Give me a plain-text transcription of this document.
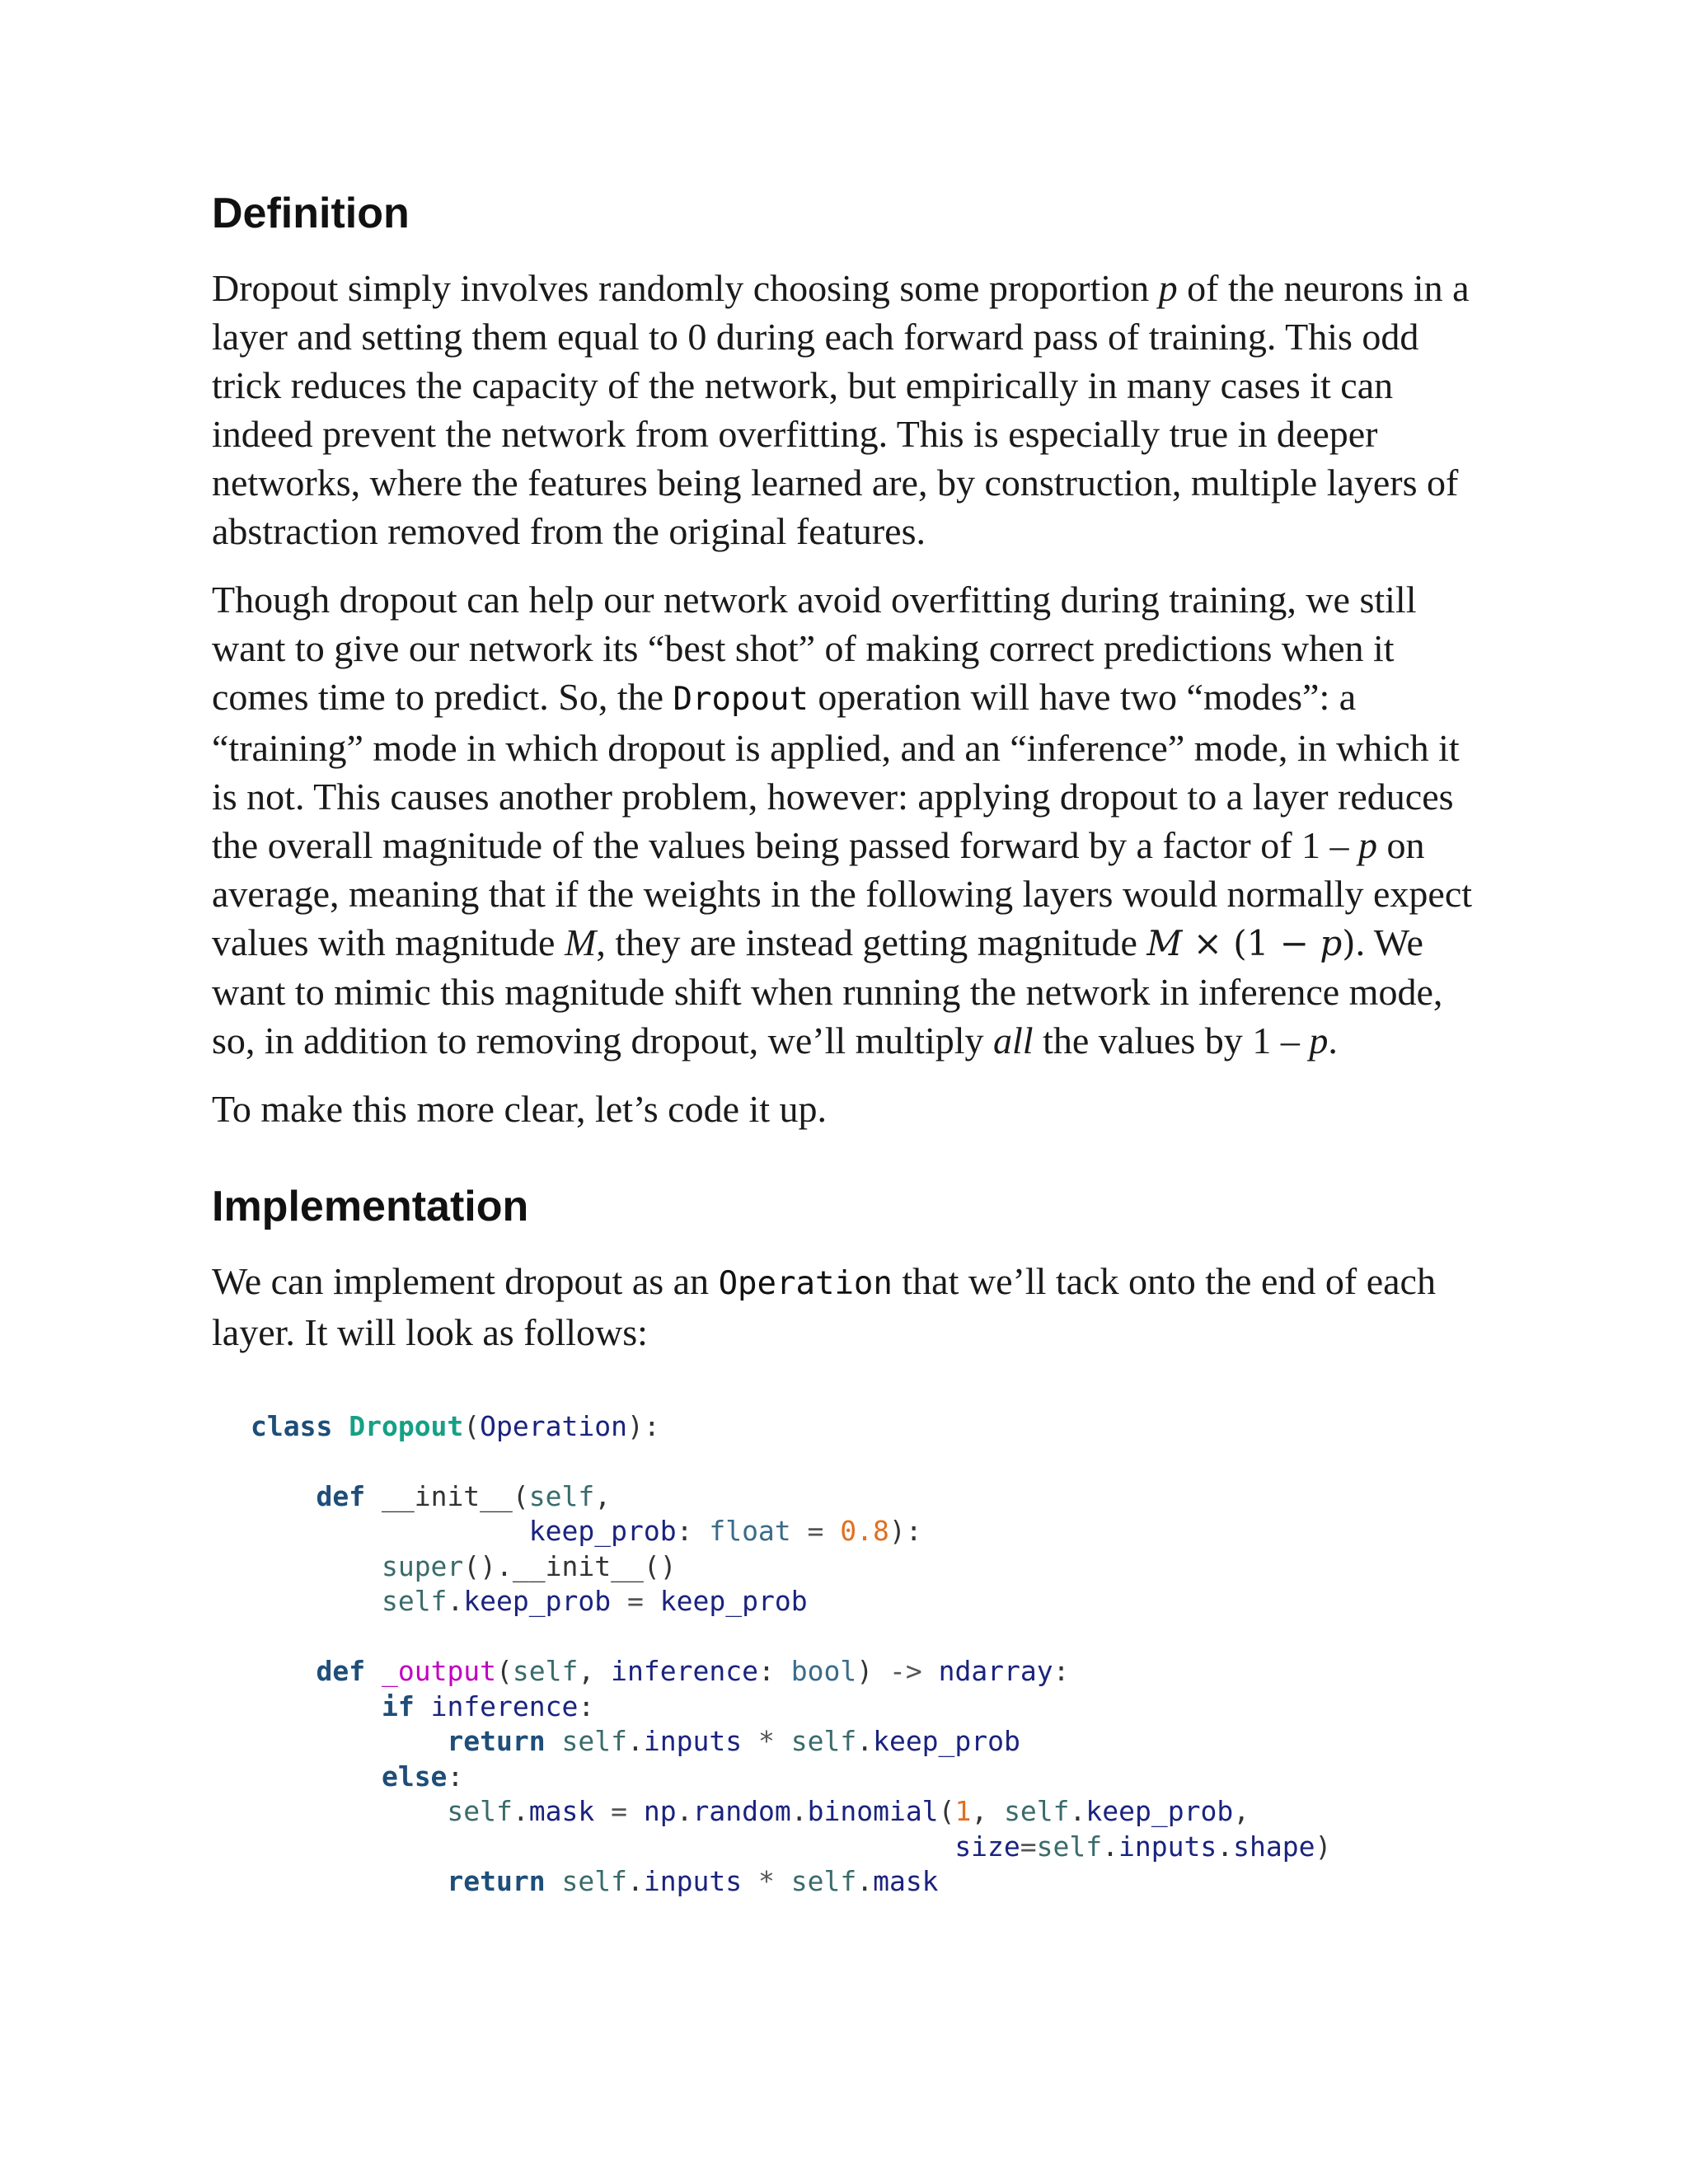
Definition

Dropout simply involves randomly choosing some proportion p of the neurons in a layer and setting them equal to 0 during each forward pass of training. This odd trick reduces the capacity of the network, but empirically in many cases it can indeed prevent the network from overfitting. This is especially true in deeper networks, where the features being learned are, by construction, multiple layers of abstraction removed from the original features.

Though dropout can help our network avoid overfitting during training, we still want to give our network its “best shot” of making correct predictions when it comes time to predict. So, the Dropout operation will have two “modes”: a “training” mode in which dropout is applied, and an “inference” mode, in which it is not. This causes another problem, however: applying dropout to a layer reduces the overall magnitude of the values being passed forward by a factor of 1 – p on average, meaning that if the weights in the following layers would normally expect values with magnitude M, they are instead getting magnitude M × (1 − p). We want to mimic this magnitude shift when running the network in inference mode, so, in addition to removing dropout, we’ll multiply all the values by 1 – p.

To make this more clear, let’s code it up.

Implementation

We can implement dropout as an Operation that we’ll tack onto the end of each layer. It will look as follows:

class Dropout(Operation):

def __init__(self,
keep_prob: float = 0.8):
super().__init__()
self.keep_prob = keep_prob

def _output(self, inference: bool) -> ndarray:
if inference:
return self.inputs * self.keep_prob
else:
self.mask = np.random.binomial(1, self.keep_prob,
size=self.inputs.shape)
return self.inputs * self.mask
